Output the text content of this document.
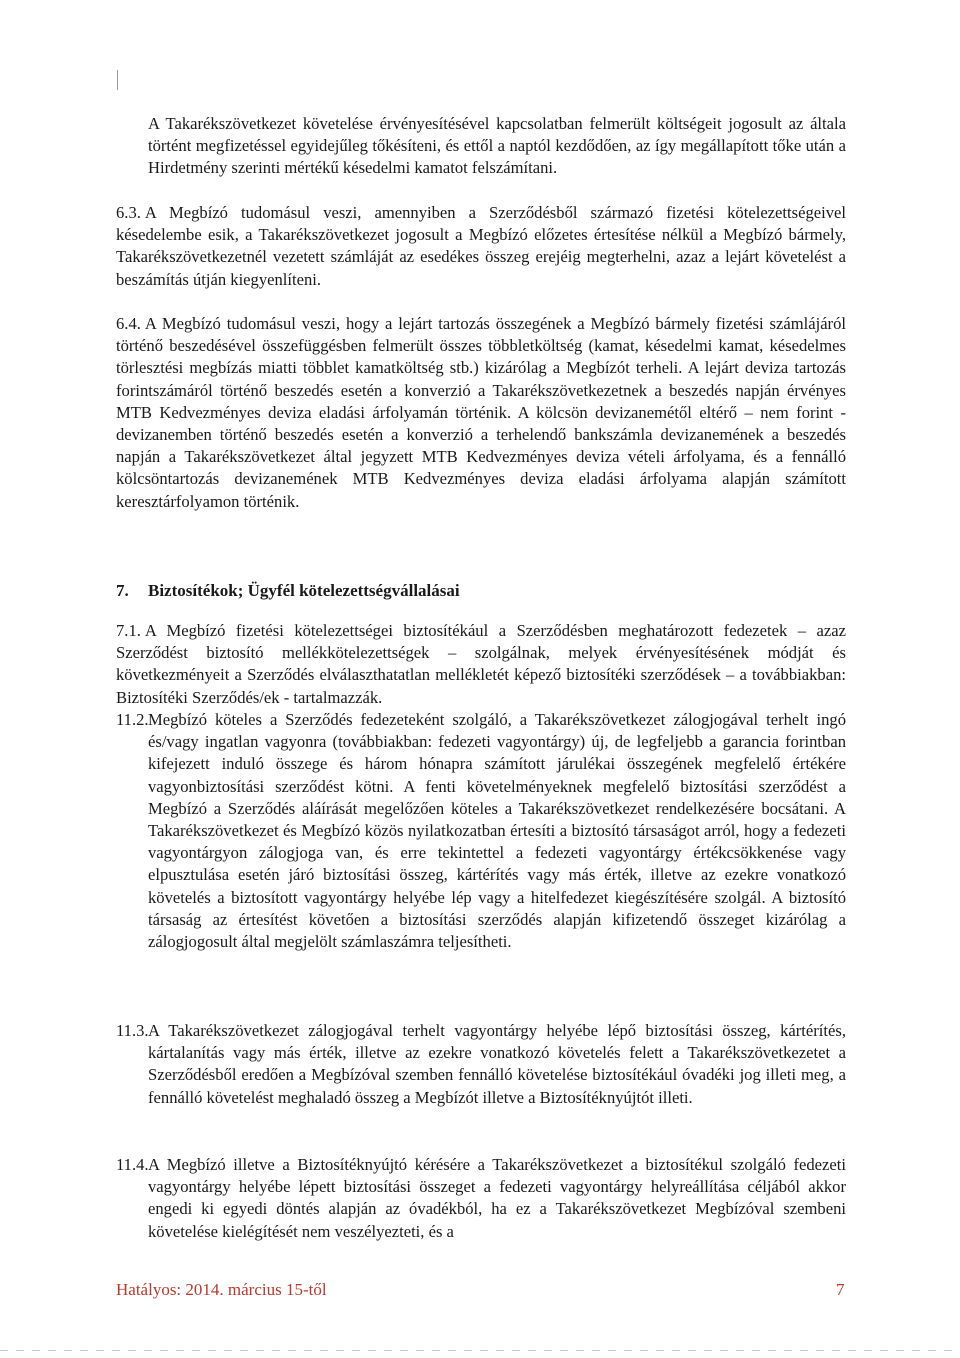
A Takarékszövetkezet követelése érvényesítésével kapcsolatban felmerült költségeit jogosult az általa történt megfizetéssel egyidejűleg tőkésíteni, és ettől a naptól kezdődően, az így megállapított tőke után a Hirdetmény szerinti mértékű késedelmi kamatot felszámítani.

6.3. A Megbízó tudomásul veszi, amennyiben a Szerződésből származó fizetési kötelezettségeivel késedelembe esik, a Takarékszövetkezet jogosult a Megbízó előzetes értesítése nélkül a Megbízó bármely, Takarékszövetkezetnél vezetett számláját az esedékes összeg erejéig megterhelni, azaz a lejárt követelést a beszámítás útján kiegyenlíteni.
6.4. A Megbízó tudomásul veszi, hogy a lejárt tartozás összegének a Megbízó bármely fizetési számlájáról történő beszedésével összefüggésben felmerült összes többletköltség (kamat, késedelmi kamat, késedelmes törlesztési megbízás miatti többlet kamatköltség stb.) kizárólag a Megbízót terheli. A lejárt deviza tartozás forintszámáról történő beszedés esetén a konverzió a Takarékszövetkezetnek a beszedés napján érvényes MTB Kedvezményes deviza eladási árfolyamán történik. A kölcsön devizanemétől eltérő – nem forint - devizanemben történő beszedés esetén a konverzió a terhelendő bankszámla devizanemének a beszedés napján a Takarékszövetkezet által jegyzett MTB Kedvezményes deviza vételi árfolyama, és a fennálló kölcsöntartozás devizanemének MTB Kedvezményes deviza eladási árfolyama alapján számított keresztárfolyamon történik.
7. Biztosítékok; Ügyfél kötelezettségvállalásai
7.1. A Megbízó fizetési kötelezettségei biztosítékául a Szerződésben meghatározott fedezetek – azaz Szerződést biztosító mellékkötelezettségek – szolgálnak, melyek érvényesítésének módját és következményeit a Szerződés elválaszthatatlan mellékletét képező biztosítéki szerződések – a továbbiakban: Biztosítéki Szerződés/ek - tartalmazzák.
11.2. Megbízó köteles a Szerződés fedezeteként szolgáló, a Takarékszövetkezet zálogjogával terhelt ingó és/vagy ingatlan vagyonra (továbbiakban: fedezeti vagyontárgy) új, de legfeljebb a garancia forintban kifejezett induló összege és három hónapra számított járulékai összegének megfelelő értékére vagyonbiztosítási szerződést kötni. A fenti követelményeknek megfelelő biztosítási szerződést a Megbízó a Szerződés aláírását megelőzően köteles a Takarékszövetkezet rendelkezésére bocsátani. A Takarékszövetkezet és Megbízó közös nyilatkozatban értesíti a biztosító társaságot arról, hogy a fedezeti vagyontárgyon zálogjoga van, és erre tekintettel a fedezeti vagyontárgy értékcsökkenése vagy elpusztulása esetén járó biztosítási összeg, kártérítés vagy más érték, illetve az ezekre vonatkozó követelés a biztosított vagyontárgy helyébe lép vagy a hitelfedezet kiegészítésére szolgál. A biztosító társaság az értesítést követően a biztosítási szerződés alapján kifizetendő összeget kizárólag a zálogjogosult által megjelölt számlaszámra teljesítheti.

11.3. A Takarékszövetkezet zálogjogával terhelt vagyontárgy helyébe lépő biztosítási összeg, kártérítés, kártalanítás vagy más érték, illetve az ezekre vonatkozó követelés felett a Takarékszövetkezetet a Szerződésből eredően a Megbízóval szemben fennálló követelése biztosítékául óvadéki jog illeti meg, a fennálló követelést meghaladó összeg a Megbízót illetve a Biztosítéknyújtót illeti.

11.4. A Megbízó illetve a Biztosítéknyújtó kérésére a Takarékszövetkezet a biztosítékul szolgáló fedezeti vagyontárgy helyébe lépett biztosítási összeget a fedezeti vagyontárgy helyreállítása céljából akkor engedi ki egyedi döntés alapján az óvadékból, ha ez a Takarékszövetkezet Megbízóval szembeni követelése kielégítését nem veszélyezteti, és a

Hatályos: 2014. március 15-től	7
